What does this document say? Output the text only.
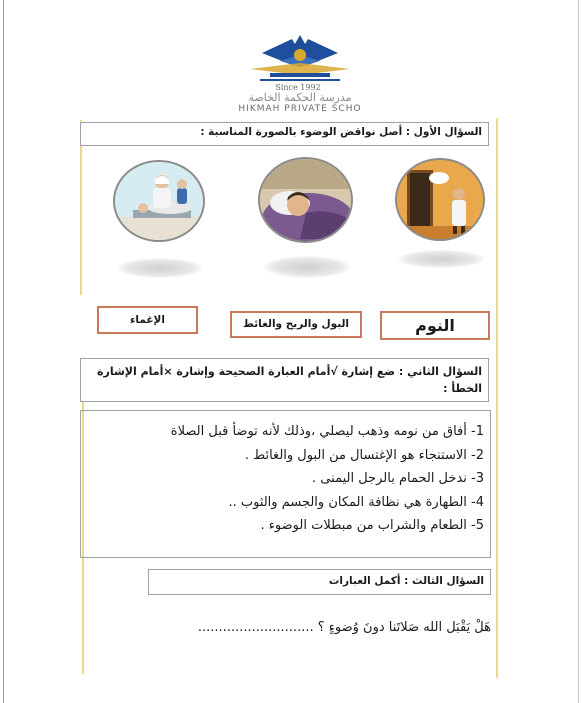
Since 1992
مدرسة الحكمة الخاصة
HIKMAH PRIVATE SCHO
السؤال الأول : أصل نواقض الوضوء بالصورة المناسبة :
النوم
البول والريح والغائط
الإغماء
السؤال الثاني : ضع إشارة √أمام العبارة الصحيحة وإشارة ×أمام الإشارة الخطأ :
1- أفاق من نومه وذهب ليصلي ،وذلك لأنه توضأ قبل الصلاة
2- الاستنجاء هو الإغتسال من البول والغائط .
3- ندخل الحمام بالرجل اليمنى .
4- الطهارة هي نظافة المكان والجسم والثوب ..
5- الطعام والشراب من مبطلات الوضوء .
السؤال الثالث : أكمل العبارات
هَلْ يَقْبَل الله صَلاتَنا دونَ وُضوءٍ ؟ ............................
